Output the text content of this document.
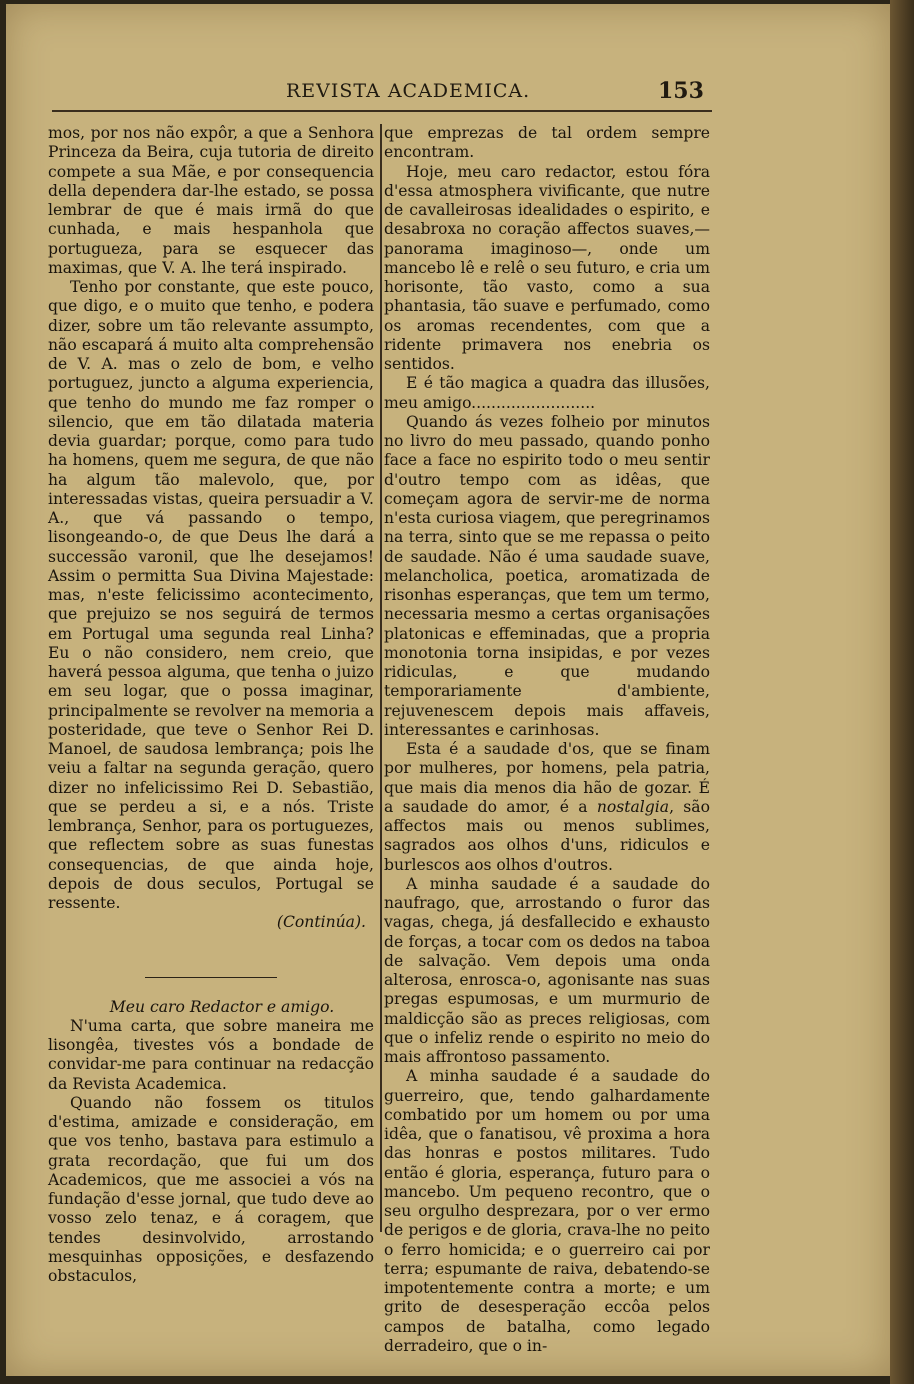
REVISTA ACADEMICA.	153

mos, por nos não expôr, a que a Senhora Princeza da Beira, cuja tutoria de direito compete a sua Mãe, e por consequencia della dependera dar-lhe estado, se possa lembrar de que é mais irmã do que cunhada, e mais hespanhola que portugueza, para se esquecer das maximas, que V. A. lhe terá inspirado.

Tenho por constante, que este pouco, que digo, e o muito que tenho, e podera dizer, sobre um tão relevante assumpto, não escapará á muito alta comprehensão de V. A. mas o zelo de bom, e velho portuguez, juncto a alguma experiencia, que tenho do mundo me faz romper o silencio, que em tão dilatada materia devia guardar; porque, como para tudo ha homens, quem me segura, de que não ha algum tão malevolo, que, por interessadas vistas, queira persuadir a V. A., que vá passando o tempo, lisongeando-o, de que Deus lhe dará a successão varonil, que lhe desejamos! Assim o permitta Sua Divina Majestade: mas, n'este felicissimo acontecimento, que prejuizo se nos seguirá de termos em Portugal uma segunda real Linha? Eu o não considero, nem creio, que haverá pessoa alguma, que tenha o juizo em seu logar, que o possa imaginar, principalmente se revolver na memoria a posteridade, que teve o Senhor Rei D. Manoel, de saudosa lembrança; pois lhe veiu a faltar na segunda geração, quero dizer no infelicissimo Rei D. Sebastião, que se perdeu a si, e a nós. Triste lembrança, Senhor, para os portuguezes, que reflectem sobre as suas funestas consequencias, de que ainda hoje, depois de dous seculos, Portugal se ressente.

(Continúa).

Meu caro Redactor e amigo.

N'uma carta, que sobre maneira me lisongêa, tivestes vós a bondade de convidar-me para continuar na redacção da Revista Academica.

Quando não fossem os titulos d'estima, amizade e consideração, em que vos tenho, bastava para estimulo a grata recordação, que fui um dos Academicos, que me associei a vós na fundação d'esse jornal, que tudo deve ao vosso zelo tenaz, e á coragem, que tendes desinvolvido, arrostando mesquinhas opposições, e desfazendo obstaculos,

que emprezas de tal ordem sempre encontram.

Hoje, meu caro redactor, estou fóra d'essa atmosphera vivificante, que nutre de cavalleirosas idealidades o espirito, e desabroxa no coração affectos suaves,—panorama imaginoso—, onde um mancebo lê e relê o seu futuro, e cria um horisonte, tão vasto, como a sua phantasia, tão suave e perfumado, como os aromas recendentes, com que a ridente primavera nos enebria os sentidos.

E é tão magica a quadra das illusões, meu amigo.........................

Quando ás vezes folheio por minutos no livro do meu passado, quando ponho face a face no espirito todo o meu sentir d'outro tempo com as idêas, que começam agora de servir-me de norma n'esta curiosa viagem, que peregrinamos na terra, sinto que se me repassa o peito de saudade. Não é uma saudade suave, melancholica, poetica, aromatizada de risonhas esperanças, que tem um termo, necessaria mesmo a certas organisações platonicas e effeminadas, que a propria monotonia torna insipidas, e por vezes ridiculas, e que mudando temporariamente d'ambiente, rejuvenescem depois mais affaveis, interessantes e carinhosas.

Esta é a saudade d'os, que se finam por mulheres, por homens, pela patria, que mais dia menos dia hão de gozar. É a saudade do amor, é a nostalgia, são affectos mais ou menos sublimes, sagrados aos olhos d'uns, ridiculos e burlescos aos olhos d'outros.

A minha saudade é a saudade do naufrago, que, arrostando o furor das vagas, chega, já desfallecido e exhausto de forças, a tocar com os dedos na taboa de salvação. Vem depois uma onda alterosa, enrosca-o, agonisante nas suas pregas espumosas, e um murmurio de maldicção são as preces religiosas, com que o infeliz rende o espirito no meio do mais affrontoso passamento.

A minha saudade é a saudade do guerreiro, que, tendo galhardamente combatido por um homem ou por uma idêa, que o fanatisou, vê proxima a hora das honras e postos militares. Tudo então é gloria, esperança, futuro para o mancebo. Um pequeno recontro, que o seu orgulho desprezara, por o ver ermo de perigos e de gloria, crava-lhe no peito o ferro homicida; e o guerreiro cai por terra; espumante de raiva, debatendo-se impotentemente contra a morte; e um grito de desesperação eccôa pelos campos de batalha, como legado derradeiro, que o in-
